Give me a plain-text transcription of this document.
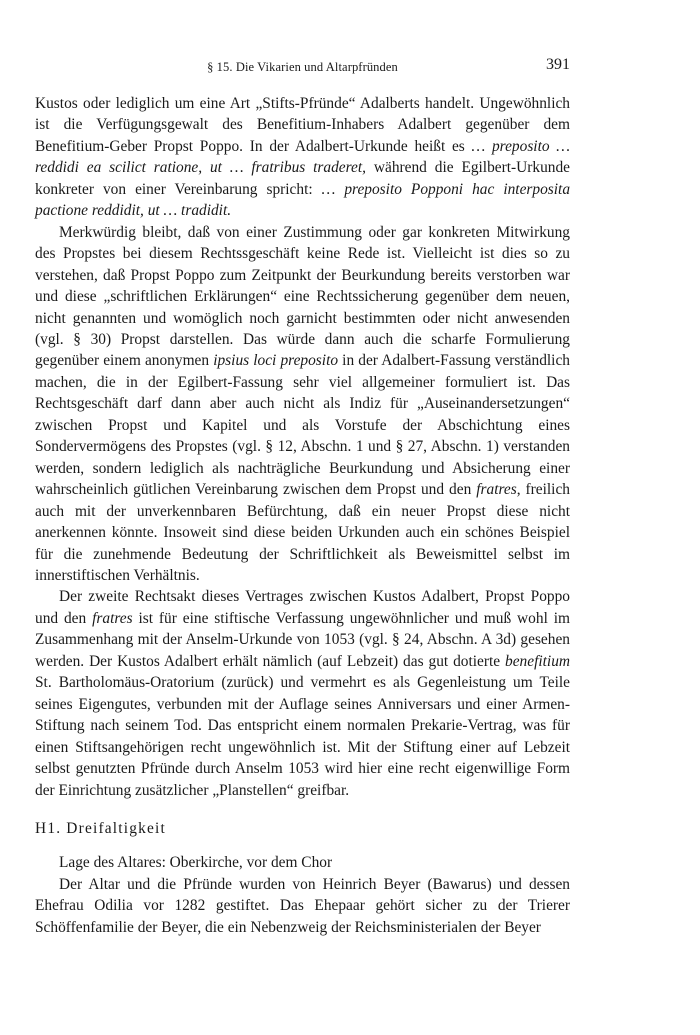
§ 15. Die Vikarien und Altarpfründen	391

Kustos oder lediglich um eine Art „Stifts-Pfründe“ Adalberts handelt. Ungewöhnlich ist die Verfügungsgewalt des Benefitium-Inhabers Adalbert gegenüber dem Benefitium-Geber Propst Poppo. In der Adalbert-Urkunde heißt es … preposito … reddidi ea scilict ratione, ut … fratribus traderet, während die Egilbert-Urkunde konkreter von einer Vereinbarung spricht: … preposito Popponi hac interposita pactione reddidit, ut … tradidit.

Merkwürdig bleibt, daß von einer Zustimmung oder gar konkreten Mitwirkung des Propstes bei diesem Rechtssgeschäft keine Rede ist. Vielleicht ist dies so zu verstehen, daß Propst Poppo zum Zeitpunkt der Beurkundung bereits verstorben war und diese „schriftlichen Erklärungen“ eine Rechtssicherung gegenüber dem neuen, nicht genannten und womöglich noch garnicht bestimmten oder nicht anwesenden (vgl. § 30) Propst darstellen. Das würde dann auch die scharfe Formulierung gegenüber einem anonymen ipsius loci preposito in der Adalbert-Fassung verständlich machen, die in der Egilbert-Fassung sehr viel allgemeiner formuliert ist. Das Rechtsgeschäft darf dann aber auch nicht als Indiz für „Auseinandersetzungen“ zwischen Propst und Kapitel und als Vorstufe der Abschichtung eines Sondervermögens des Propstes (vgl. § 12, Abschn. 1 und § 27, Abschn. 1) verstanden werden, sondern lediglich als nachträgliche Beurkundung und Absicherung einer wahrscheinlich gütlichen Vereinbarung zwischen dem Propst und den fratres, freilich auch mit der unverkennbaren Befürchtung, daß ein neuer Propst diese nicht anerkennen könnte. Insoweit sind diese beiden Urkunden auch ein schönes Beispiel für die zunehmende Bedeutung der Schriftlichkeit als Beweismittel selbst im innerstiftischen Verhältnis.

Der zweite Rechtsakt dieses Vertrages zwischen Kustos Adalbert, Propst Poppo und den fratres ist für eine stiftische Verfassung ungewöhnlicher und muß wohl im Zusammenhang mit der Anselm-Urkunde von 1053 (vgl. § 24, Abschn. A 3d) gesehen werden. Der Kustos Adalbert erhält nämlich (auf Lebzeit) das gut dotierte benefitium St. Bartholomäus-Oratorium (zurück) und vermehrt es als Gegenleistung um Teile seines Eigengutes, verbunden mit der Auflage seines Anniversars und einer Armen-Stiftung nach seinem Tod. Das entspricht einem normalen Prekarie-Vertrag, was für einen Stiftsangehörigen recht ungewöhnlich ist. Mit der Stiftung einer auf Lebzeit selbst genutzten Pfründe durch Anselm 1053 wird hier eine recht eigenwillige Form der Einrichtung zusätzlicher „Planstellen“ greifbar.

H1. Dreifaltigkeit

Lage des Altares: Oberkirche, vor dem Chor

Der Altar und die Pfründe wurden von Heinrich Beyer (Bawarus) und dessen Ehefrau Odilia vor 1282 gestiftet. Das Ehepaar gehört sicher zu der Trierer Schöffenfamilie der Beyer, die ein Nebenzweig der Reichsministerialen der Beyer
